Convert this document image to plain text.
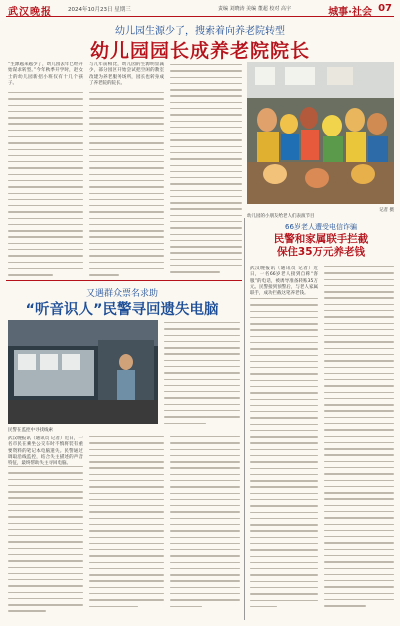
武汉晚报	2024年10月23日 星期三	责编 刘晓涛 美编 董超 校对 高宇	城事·社会 07
幼儿园生源少了，搜索着向养老院转型
幼儿园园长成养老院院长
“生源越来越少了，幼儿园去年已经开始谋求转型。”今年秋季开学时，赵女士的幼儿园新招小班仅有十几个孩子。
与几年前相比，幼儿园的生源明显减少，部分园区开始尝试把空闲的教室改建为养老服务场所，园长也转身成了养老院的院长。
记者 摄
幼儿园的小朋友给老人们表演节目
又遇群众票名求助
“听音识人”民警寻回遗失电脑
民警在监控中寻找线索
武汉晚报讯（通讯员 记者）近日，一名市民在乘坐公交车时不慎将装有重要资料的笔记本电脑遗失。民警通过调取沿线监控，结合失主描述的声音特征，最终帮助失主寻回电脑。
66岁老人遭受电信诈骗
民警和家属联手拦截
保住35万元养老钱
武汉晚报讯（通讯员 记者）近日，一名66岁老人接到自称“客服”的电话，被诱导准备转账35万元。民警接到预警后，与老人家属联手，成功拦截这笔养老钱。
